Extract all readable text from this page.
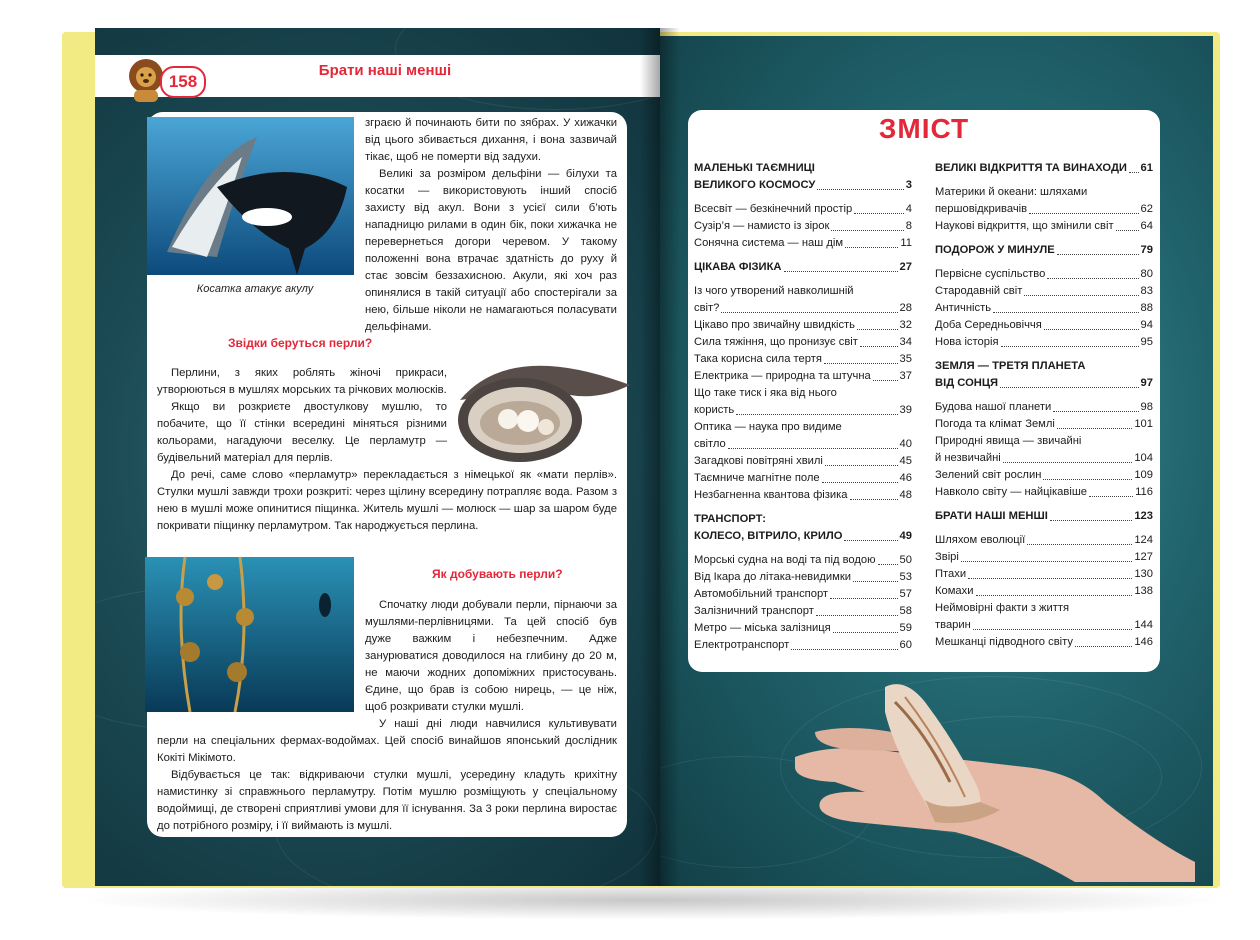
158
Брати наші менші
Косатка атакує акулу

зграєю й починають бити по зябрах. У хижачки від цього збивається дихання, і вона зазвичай тікає, щоб не померти від задухи.

Великі за розміром дельфіни — білухи та косатки — використовують інший спосіб захисту від акул. Вони з усієї сили б’ють нападницю рилами в один бік, поки хижачка не перевернеться догори черевом. У такому положенні вона втрачає здатність до руху й стає зовсім беззахисною. Акули, які хоч раз опинялися в такій ситуації або спостерігали за нею, більше ніколи не намагаються поласувати дельфінами.

Звідки беруться перли?

Перлини, з яких роблять жіночі прикраси, утворюються в мушлях морських та річкових молюсків.

Якщо ви розкриєте двостулкову мушлю, то побачите, що її стінки всередині міняться різними кольорами, нагадуючи веселку. Це перламутр — будівельний матеріал для перлів.

До речі, саме слово «перламутр» перекладається з німецької як «мати перлів». Стулки мушлі завжди трохи розкриті: через щілину всередину потрапляє вода. Разом з нею в мушлі може опинитися піщинка. Житель мушлі — молюск — шар за шаром буде покривати піщинку перламутром. Так народжується перлина.

Як добувають перли?

Спочатку люди добували перли, пірнаючи за мушлями-перлівницями. Та цей спосіб був дуже важким і небезпечним. Адже занурюватися доводилося на глибину до 20 м, не маючи жодних допоміжних пристосувань. Єдине, що брав із собою нирець, — це ніж, щоб розкривати стулки мушлі.

У наші дні люди навчилися культивувати перли на спеціальних фермах-водоймах. Цей спосіб винайшов японський дослідник Кокіті Мікімото.

Відбувається це так: відкриваючи стулки мушлі, усередину кладуть крихітну намистинку зі справжнього перламутру. Потім мушлю розміщують у спеціальному водоймищі, де створені сприятливі умови для її існування. За 3 роки перлина виростає до потрібного розміру, і її виймають із мушлі.

ЗМІСТ
МАЛЕНЬКІ ТАЄМНИЦІ
ВЕЛИКОГО КОСМОСУ	3
Всесвіт — безкінечний простір	4
Сузір’я — намисто із зірок	8
Сонячна система — наш дім	11
ЦІКАВА ФІЗИКА	27
Із чого утворений навколишній
світ?	28
Цікаво про звичайну швидкість	32
Сила тяжіння, що пронизує світ	34
Така корисна сила тертя	35
Електрика — природна та штучна	37
Що таке тиск і яка від нього
користь	39
Оптика — наука про видиме
світло	40
Загадкові повітряні хвилі	45
Таємниче магнітне поле	46
Незбагненна квантова фізика	48
ТРАНСПОРТ:
КОЛЕСО, ВІТРИЛО, КРИЛО	49
Морські судна на воді та під водою 50
Від Ікара до літака-невидимки	53
Автомобільний транспорт	57
Залізничний транспорт	58
Метро — міська залізниця	59
Електротранспорт	60
ВЕЛИКІ ВІДКРИТТЯ ТА ВИНАХОДИ 61
Материки й океани: шляхами
першовідкривачів	62
Наукові відкриття, що змінили світ 64
ПОДОРОЖ У МИНУЛЕ	79
Первісне суспільство	80
Стародавній світ	83
Античність	88
Доба Середньовіччя	94
Нова історія	95
ЗЕМЛЯ — ТРЕТЯ ПЛАНЕТА
ВІД СОНЦЯ	97
Будова нашої планети	98
Погода та клімат Землі	101
Природні явища — звичайні
й незвичайні	104
Зелений світ рослин	109
Навколо світу — найцікавіше	116
БРАТИ НАШІ МЕНШІ	123
Шляхом еволюції	124
Звірі	127
Птахи	130
Комахи	138
Неймовірні факти з життя
тварин	144
Мешканці підводного світу	146
